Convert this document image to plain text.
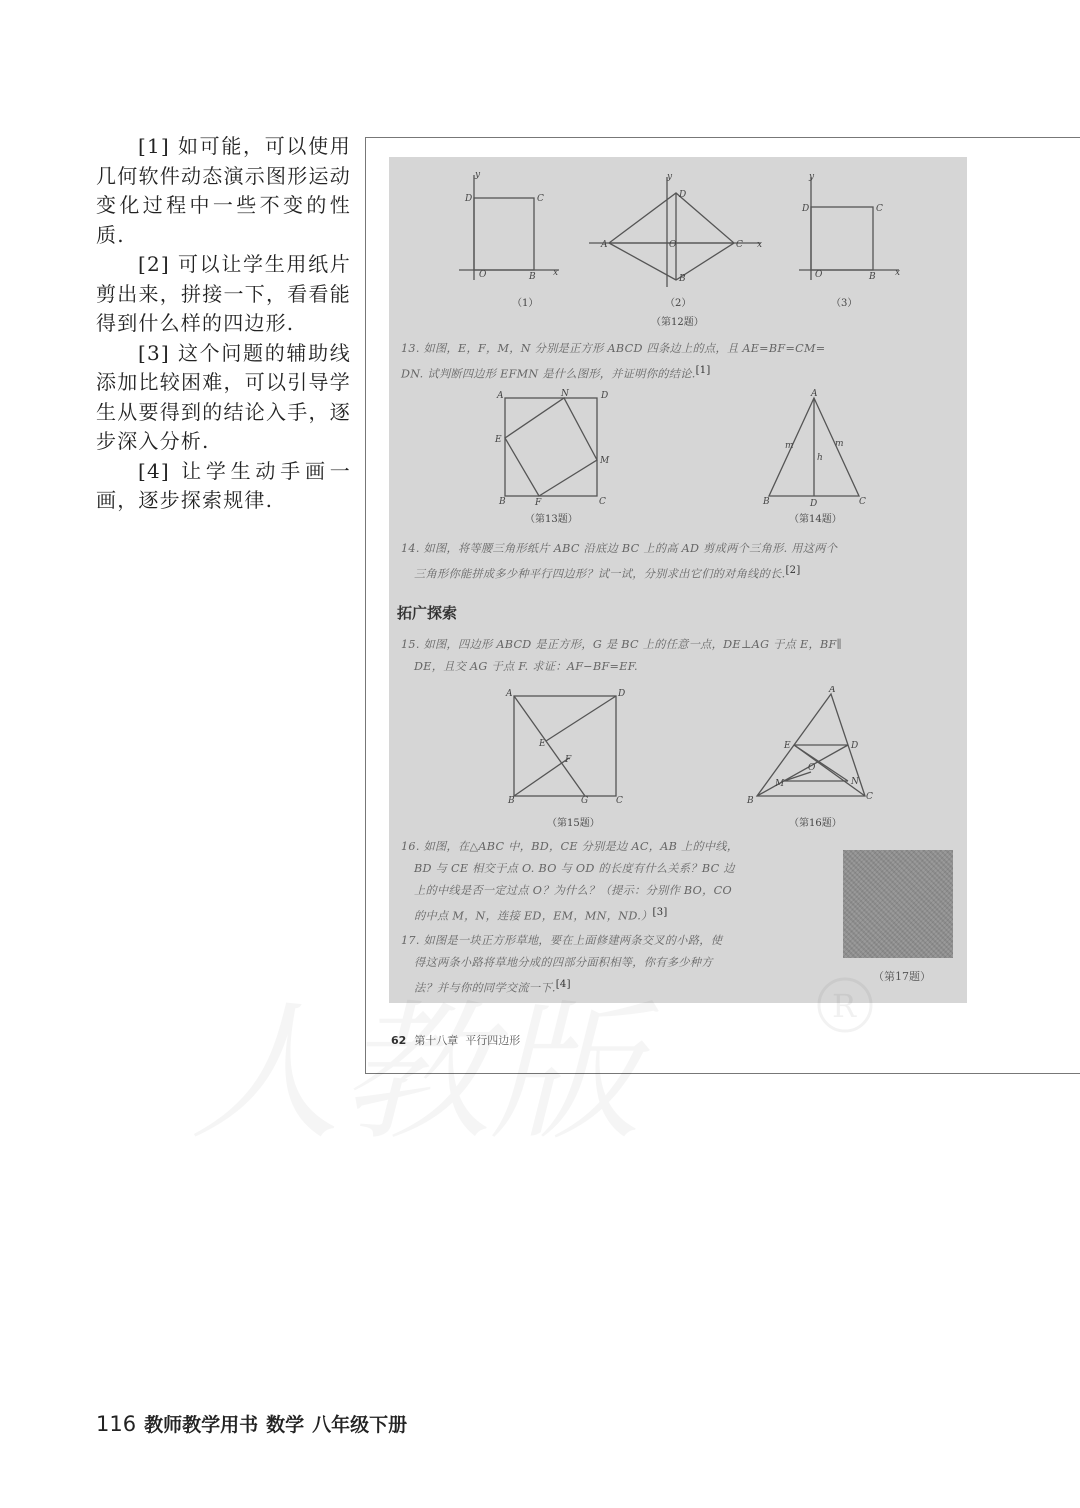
[1] 如可能，可以使用几何软件动态演示图形运动变化过程中一些不变的性质.

[2] 可以让学生用纸片剪出来，拼接一下，看看能得到什么样的四边形.

[3] 这个问题的辅助线添加比较困难，可以引导学生从要得到的结论入手，逐步深入分析.

[4] 让学生动手画一画，逐步探索规律.

D	C
O	B x
y
A
D
C
O
B
x
y
D	C
O	B x
y
（1）	（2）	（3）
（第12题）
13. 如图，E，F，M，N 分别是正方形 ABCD 四条边上的点，且 AE=BF=CM=
DN. 试判断四边形 EFMN 是什么图形，并证明你的结论.[1]
A	N	D
E
M
B	F	C
A
B	D	C
m	m
h
（第13题）	（第14题）
14. 如图，将等腰三角形纸片 ABC 沿底边 BC 上的高 AD 剪成两个三角形. 用这两个
三角形你能拼成多少种平行四边形？试一试，分别求出它们的对角线的长.[2]
拓广探索
15. 如图，四边形 ABCD 是正方形，G 是 BC 上的任意一点，DE⊥AG 于点 E，BF∥
DE，且交 AG 于点 F. 求证：AF−BF=EF.
A	D
E
F
B	G	C
A
E	D
O
M	N
B	C
（第15题）	（第16题）
16. 如图，在△ABC 中，BD，CE 分别是边 AC，AB 上的中线，
BD 与 CE 相交于点 O. BO 与 OD 的长度有什么关系？BC 边
上的中线是否一定过点 O？为什么？（提示：分别作 BO，CO
的中点 M，N，连接 ED，EM，MN，ND.）[3]
17. 如图是一块正方形草地，要在上面修建两条交叉的小路，使
得这两条小路将草地分成的四部分面积相等，你有多少种方
法？并与你的同学交流一下.[4]
（第17题）
62 第十八章 平行四边形
R
116 教师教学用书 数学 八年级下册
